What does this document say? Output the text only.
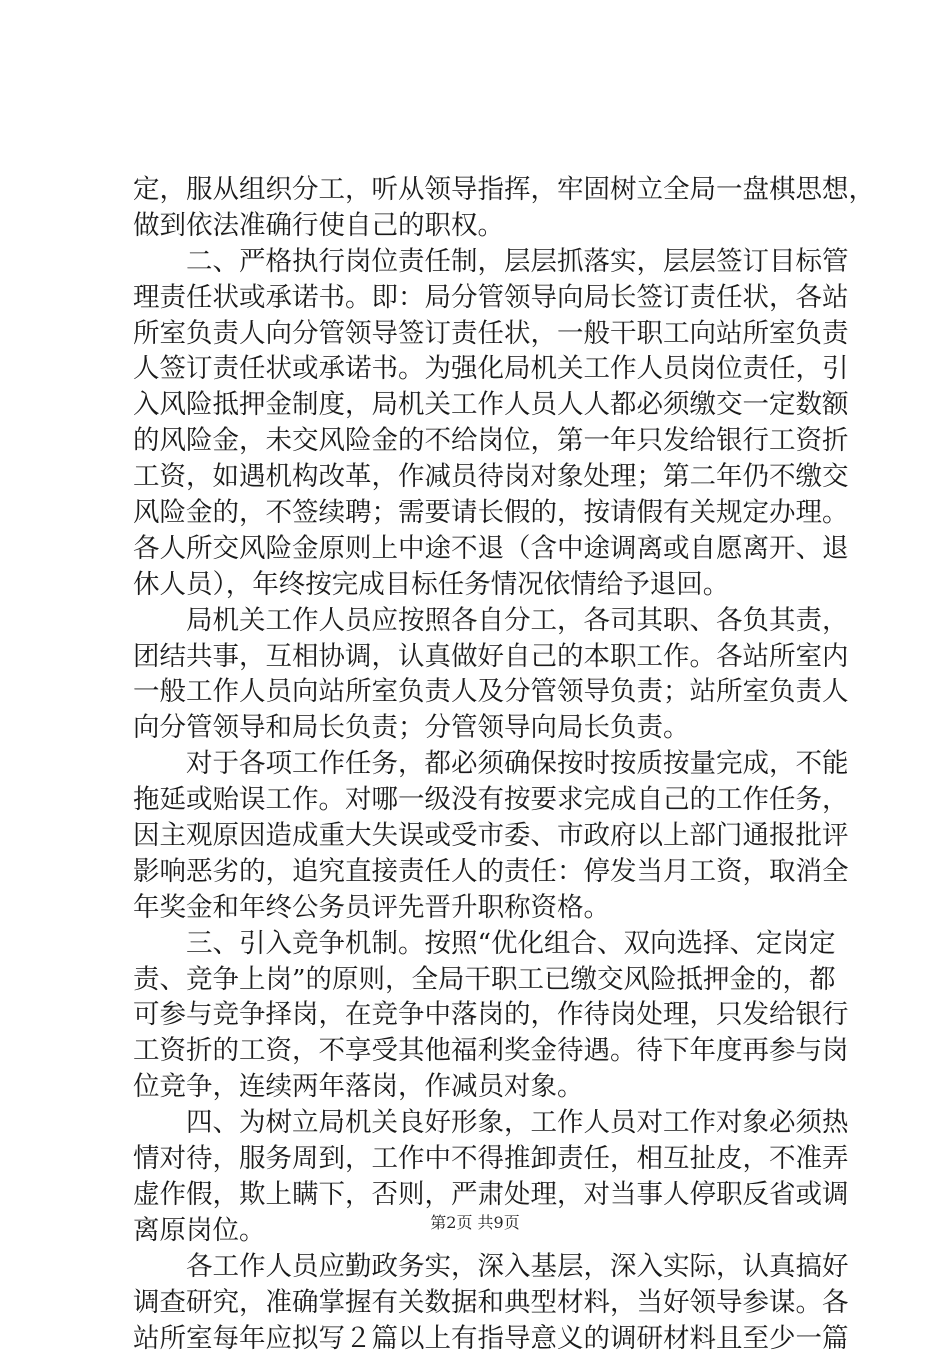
定，服从组织分工，听从领导指挥，牢固树立全局一盘棋思想，
做到依法准确行使自己的职权。
二、严格执行岗位责任制，层层抓落实，层层签订目标管
理责任状或承诺书。即：局分管领导向局长签订责任状，各站
所室负责人向分管领导签订责任状，一般干职工向站所室负责
人签订责任状或承诺书。为强化局机关工作人员岗位责任，引
入风险抵押金制度，局机关工作人员人人都必须缴交一定数额
的风险金，未交风险金的不给岗位，第一年只发给银行工资折
工资，如遇机构改革，作减员待岗对象处理；第二年仍不缴交
风险金的，不签续聘；需要请长假的，按请假有关规定办理。
各人所交风险金原则上中途不退（含中途调离或自愿离开、退
休人员），年终按完成目标任务情况依情给予退回。
局机关工作人员应按照各自分工，各司其职、各负其责，
团结共事，互相协调，认真做好自己的本职工作。各站所室内
一般工作人员向站所室负责人及分管领导负责；站所室负责人
向分管领导和局长负责；分管领导向局长负责。
对于各项工作任务，都必须确保按时按质按量完成，不能
拖延或贻误工作。对哪一级没有按要求完成自己的工作任务，
因主观原因造成重大失误或受市委、市政府以上部门通报批评
影响恶劣的，追究直接责任人的责任：停发当月工资，取消全
年奖金和年终公务员评先晋升职称资格。
三、引入竞争机制。按照“优化组合、双向选择、定岗定
责、竞争上岗”的原则，全局干职工已缴交风险抵押金的，都
可参与竞争择岗，在竞争中落岗的，作待岗处理，只发给银行
工资折的工资，不享受其他福利奖金待遇。待下年度再参与岗
位竞争，连续两年落岗，作减员对象。
四、为树立局机关良好形象，工作人员对工作对象必须热
情对待，服务周到，工作中不得推卸责任，相互扯皮，不准弄
虚作假，欺上瞒下，否则，严肃处理，对当事人停职反省或调
离原岗位。
各工作人员应勤政务实，深入基层，深入实际，认真搞好
调查研究，准确掌握有关数据和典型材料，当好领导参谋。各
站所室每年应拟写２篇以上有指导意义的调研材料且至少一篇
第2页 共9页
